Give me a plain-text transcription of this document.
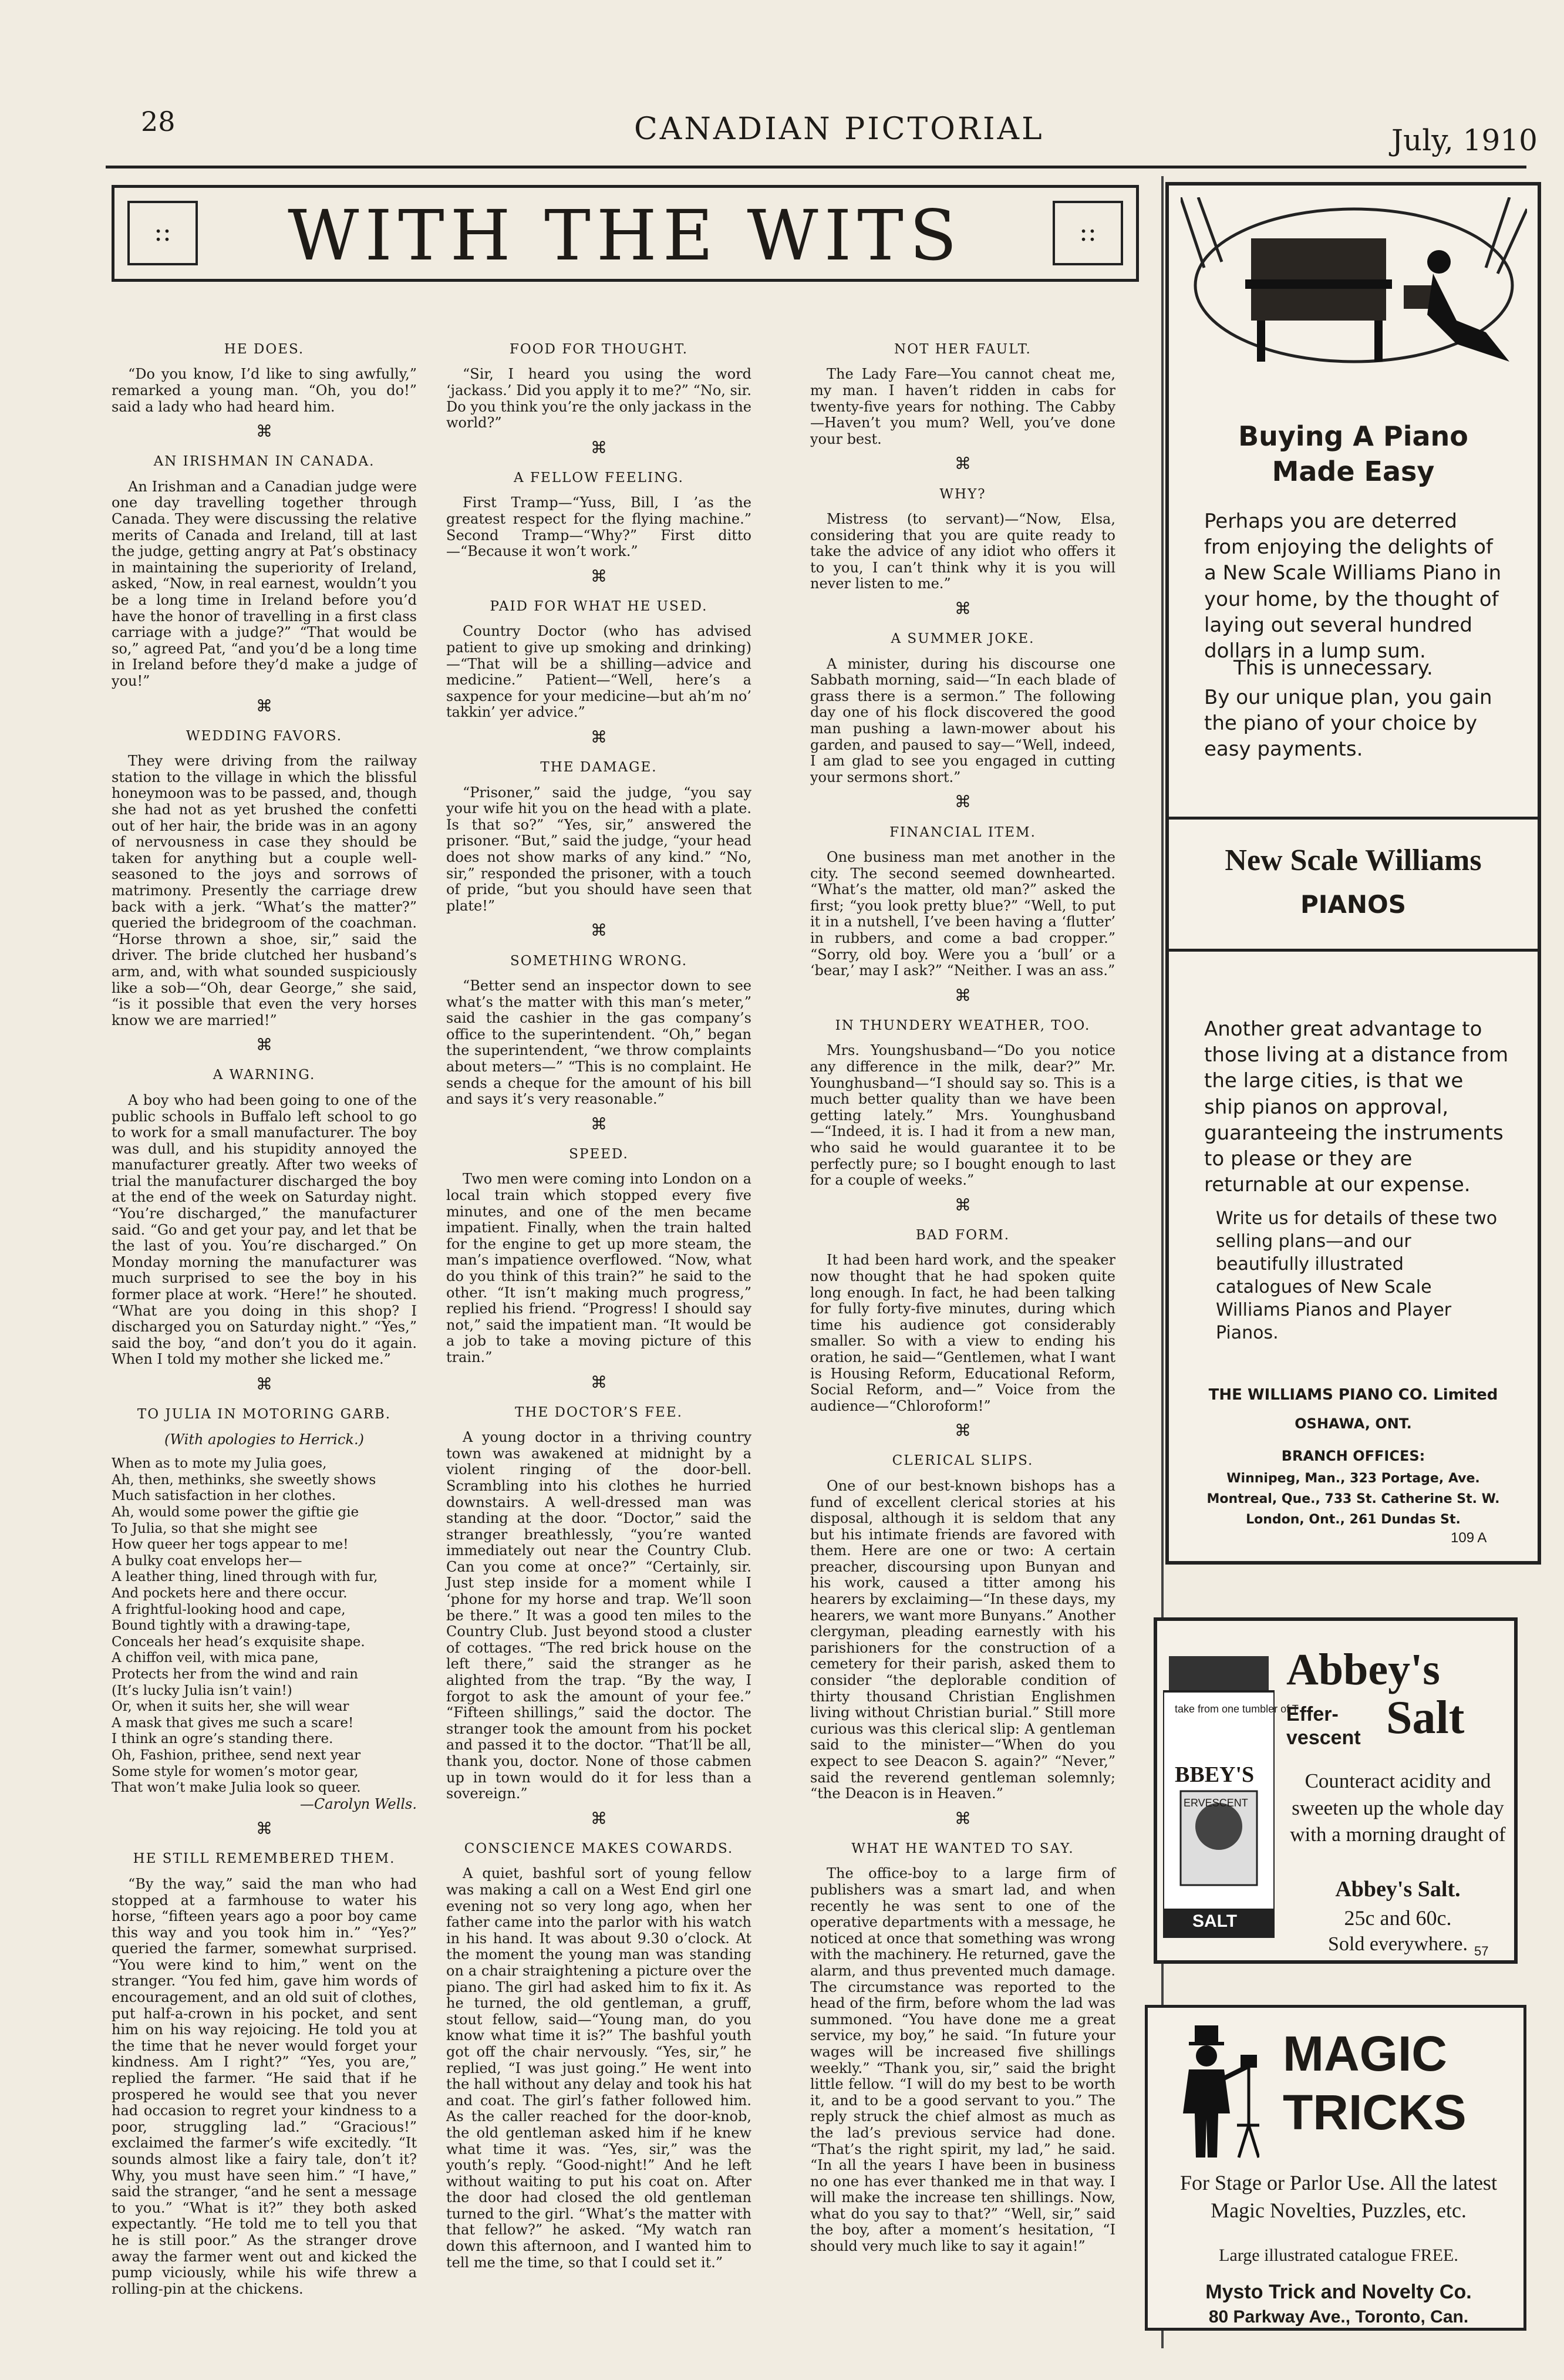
28	CANADIAN PICTORIAL	July, 1910
::	WITH THE WITS	::
HE DOES.

“Do you know, I’d like to sing awfully,” remarked a young man. “Oh, you do!” said a lady who had heard him.

⌘
AN IRISHMAN IN CANADA.

An Irishman and a Canadian judge were one day travelling together through Canada. They were discussing the relative merits of Canada and Ireland, till at last the judge, getting angry at Pat’s obstinacy in maintaining the superiority of Ireland, asked, “Now, in real earnest, wouldn’t you be a long time in Ireland before you’d have the honor of travelling in a first class carriage with a judge?” “That would be so,” agreed Pat, “and you’d be a long time in Ireland before they’d make a judge of you!”

⌘
WEDDING FAVORS.

They were driving from the railway station to the village in which the blissful honeymoon was to be passed, and, though she had not as yet brushed the confetti out of her hair, the bride was in an agony of nervousness in case they should be taken for anything but a couple well-seasoned to the joys and sorrows of matrimony. Presently the carriage drew back with a jerk. “What’s the matter?” queried the bridegroom of the coachman. “Horse thrown a shoe, sir,” said the driver. The bride clutched her husband’s arm, and, with what sounded suspiciously like a sob—“Oh, dear George,” she said, “is it possible that even the very horses know we are married!”

⌘
A WARNING.

A boy who had been going to one of the public schools in Buffalo left school to go to work for a small manufacturer. The boy was dull, and his stupidity annoyed the manufacturer greatly. After two weeks of trial the manufacturer discharged the boy at the end of the week on Saturday night. “You’re discharged,” the manufacturer said. “Go and get your pay, and let that be the last of you. You’re discharged.” On Monday morning the manufacturer was much surprised to see the boy in his former place at work. “Here!” he shouted. “What are you doing in this shop? I discharged you on Saturday night.” “Yes,” said the boy, “and don’t you do it again. When I told my mother she licked me.”

⌘
TO JULIA IN MOTORING GARB.
(With apologies to Herrick.)
When as to mote my Julia goes,
Ah, then, methinks, she sweetly shows
Much satisfaction in her clothes.
Ah, would some power the giftie gie
To Julia, so that she might see
How queer her togs appear to me!
A bulky coat envelops her—
A leather thing, lined through with fur,
And pockets here and there occur.
A frightful-looking hood and cape,
Bound tightly with a drawing-tape,
Conceals her head’s exquisite shape.
A chiffon veil, with mica pane,
Protects her from the wind and rain
(It’s lucky Julia isn’t vain!)
Or, when it suits her, she will wear
A mask that gives me such a scare!
I think an ogre’s standing there.
Oh, Fashion, prithee, send next year
Some style for women’s motor gear,
That won’t make Julia look so queer.
—Carolyn Wells.
⌘
HE STILL REMEMBERED THEM.

“By the way,” said the man who had stopped at a farmhouse to water his horse, “fifteen years ago a poor boy came this way and you took him in.” “Yes?” queried the farmer, somewhat surprised. “You were kind to him,” went on the stranger. “You fed him, gave him words of encouragement, and an old suit of clothes, put half-a-crown in his pocket, and sent him on his way rejoicing. He told you at the time that he never would forget your kindness. Am I right?” “Yes, you are,” replied the farmer. “He said that if he prospered he would see that you never had occasion to regret your kindness to a poor, struggling lad.” “Gracious!” exclaimed the farmer’s wife excitedly. “It sounds almost like a fairy tale, don’t it? Why, you must have seen him.” “I have,” said the stranger, “and he sent a message to you.” “What is it?” they both asked expectantly. “He told me to tell you that he is still poor.” As the stranger drove away the farmer went out and kicked the pump viciously, while his wife threw a rolling-pin at the chickens.

FOOD FOR THOUGHT.

“Sir, I heard you using the word ‘jackass.’ Did you apply it to me?” “No, sir. Do you think you’re the only jackass in the world?”

⌘
A FELLOW FEELING.

First Tramp—“Yuss, Bill, I ’as the greatest respect for the flying machine.” Second Tramp—“Why?” First ditto—“Because it won’t work.”

⌘
PAID FOR WHAT HE USED.

Country Doctor (who has advised patient to give up smoking and drinking)—“That will be a shilling—advice and medicine.” Patient—“Well, here’s a saxpence for your medicine—but ah’m no’ takkin’ yer advice.”

⌘
THE DAMAGE.

“Prisoner,” said the judge, “you say your wife hit you on the head with a plate. Is that so?” “Yes, sir,” answered the prisoner. “But,” said the judge, “your head does not show marks of any kind.” “No, sir,” responded the prisoner, with a touch of pride, “but you should have seen that plate!”

⌘
SOMETHING WRONG.

“Better send an inspector down to see what’s the matter with this man’s meter,” said the cashier in the gas company’s office to the superintendent. “Oh,” began the superintendent, “we throw complaints about meters—” “This is no complaint. He sends a cheque for the amount of his bill and says it’s very reasonable.”

⌘
SPEED.

Two men were coming into London on a local train which stopped every five minutes, and one of the men became impatient. Finally, when the train halted for the engine to get up more steam, the man’s impatience overflowed. “Now, what do you think of this train?” he said to the other. “It isn’t making much progress,” replied his friend. “Progress! I should say not,” said the impatient man. “It would be a job to take a moving picture of this train.”

⌘
THE DOCTOR’S FEE.

A young doctor in a thriving country town was awakened at midnight by a violent ringing of the door-bell. Scrambling into his clothes he hurried downstairs. A well-dressed man was standing at the door. “Doctor,” said the stranger breathlessly, “you’re wanted immediately out near the Country Club. Can you come at once?” “Certainly, sir. Just step inside for a moment while I ‘phone for my horse and trap. We’ll soon be there.” It was a good ten miles to the Country Club. Just beyond stood a cluster of cottages. “The red brick house on the left there,” said the stranger as he alighted from the trap. “By the way, I forgot to ask the amount of your fee.” “Fifteen shillings,” said the doctor. The stranger took the amount from his pocket and passed it to the doctor. “That’ll be all, thank you, doctor. None of those cabmen up in town would do it for less than a sovereign.”

⌘
CONSCIENCE MAKES COWARDS.

A quiet, bashful sort of young fellow was making a call on a West End girl one evening not so very long ago, when her father came into the parlor with his watch in his hand. It was about 9.30 o’clock. At the moment the young man was standing on a chair straightening a picture over the piano. The girl had asked him to fix it. As he turned, the old gentleman, a gruff, stout fellow, said—“Young man, do you know what time it is?” The bashful youth got off the chair nervously. “Yes, sir,” he replied, “I was just going.” He went into the hall without any delay and took his hat and coat. The girl’s father followed him. As the caller reached for the door-knob, the old gentleman asked him if he knew what time it was. “Yes, sir,” was the youth’s reply. “Good-night!” And he left without waiting to put his coat on. After the door had closed the old gentleman turned to the girl. “What’s the matter with that fellow?” he asked. “My watch ran down this afternoon, and I wanted him to tell me the time, so that I could set it.”

NOT HER FAULT.

The Lady Fare—You cannot cheat me, my man. I haven’t ridden in cabs for twenty-five years for nothing. The Cabby—Haven’t you mum? Well, you’ve done your best.

⌘
WHY?

Mistress (to servant)—“Now, Elsa, considering that you are quite ready to take the advice of any idiot who offers it to you, I can’t think why it is you will never listen to me.”

⌘
A SUMMER JOKE.

A minister, during his discourse one Sabbath morning, said—“In each blade of grass there is a sermon.” The following day one of his flock discovered the good man pushing a lawn-mower about his garden, and paused to say—“Well, indeed, I am glad to see you engaged in cutting your sermons short.”

⌘
FINANCIAL ITEM.

One business man met another in the city. The second seemed downhearted. “What’s the matter, old man?” asked the first; “you look pretty blue?” “Well, to put it in a nutshell, I’ve been having a ‘flutter’ in rubbers, and come a bad cropper.” “Sorry, old boy. Were you a ‘bull’ or a ‘bear,’ may I ask?” “Neither. I was an ass.”

⌘
IN THUNDERY WEATHER, TOO.

Mrs. Youngshusband—“Do you notice any difference in the milk, dear?” Mr. Younghusband—“I should say so. This is a much better quality than we have been getting lately.” Mrs. Younghusband—“Indeed, it is. I had it from a new man, who said he would guarantee it to be perfectly pure; so I bought enough to last for a couple of weeks.”

⌘
BAD FORM.

It had been hard work, and the speaker now thought that he had spoken quite long enough. In fact, he had been talking for fully forty-five minutes, during which time his audience got considerably smaller. So with a view to ending his oration, he said—“Gentlemen, what I want is Housing Reform, Educational Reform, Social Reform, and—” Voice from the audience—“Chloroform!”

⌘
CLERICAL SLIPS.

One of our best-known bishops has a fund of excellent clerical stories at his disposal, although it is seldom that any but his intimate friends are favored with them. Here are one or two: A certain preacher, discoursing upon Bunyan and his work, caused a titter among his hearers by exclaiming—“In these days, my hearers, we want more Bunyans.” Another clergyman, pleading earnestly with his parishioners for the construction of a cemetery for their parish, asked them to consider “the deplorable condition of thirty thousand Christian Englishmen living without Christian burial.” Still more curious was this clerical slip: A gentleman said to the minister—“When do you expect to see Deacon S. again?” “Never,” said the reverend gentleman solemnly; “the Deacon is in Heaven.”

⌘
WHAT HE WANTED TO SAY.

The office-boy to a large firm of publishers was a smart lad, and when recently he was sent to one of the operative departments with a message, he noticed at once that something was wrong with the machinery. He returned, gave the alarm, and thus prevented much damage. The circumstance was reported to the head of the firm, before whom the lad was summoned. “You have done me a great service, my boy,” he said. “In future your wages will be increased five shillings weekly.” “Thank you, sir,” said the bright little fellow. “I will do my best to be worth it, and to be a good servant to you.” The reply struck the chief almost as much as the lad’s previous service had done. “That’s the right spirit, my lad,” he said. “In all the years I have been in business no one has ever thanked me in that way. I will make the increase ten shillings. Now, what do you say to that?” “Well, sir,” said the boy, after a moment’s hesitation, “I should very much like to say it again!”

Buying A Piano
Made Easy
Perhaps you are deterred from enjoying the delights of a New Scale Williams Piano in your home, by the thought of laying out several hundred dollars in a lump sum.
This is unnecessary.
By our unique plan, you gain the piano of your choice by easy payments.
New Scale Williams
PIANOS
Another great advantage to those living at a distance from the large cities, is that we ship pianos on approval, guaranteeing the instruments to please or they are returnable at our expense.
Write us for details of these two selling plans—and our beautifully illustrated catalogues of New Scale Williams Pianos and Player Pianos.
THE WILLIAMS PIANO CO. Limited
OSHAWA, ONT.
BRANCH OFFICES:
Winnipeg, Man., 323 Portage, Ave.
Montreal, Que., 733 St. Catherine St. W.
London, Ont., 261 Dundas St.
109 A
take from one tumbler of T
BBEY'S
ERVESCENT
SALT
Abbey's
Effer-
vescent Salt
Counteract acidity and sweeten up the whole day with a morning draught of
Abbey's Salt.
25c and 60c.
Sold everywhere. 57
MAGIC
TRICKS
For Stage or Parlor Use. All the latest Magic Novelties, Puzzles, etc.
Large illustrated catalogue FREE.
Mysto Trick and Novelty Co.
80 Parkway Ave., Toronto, Can.
